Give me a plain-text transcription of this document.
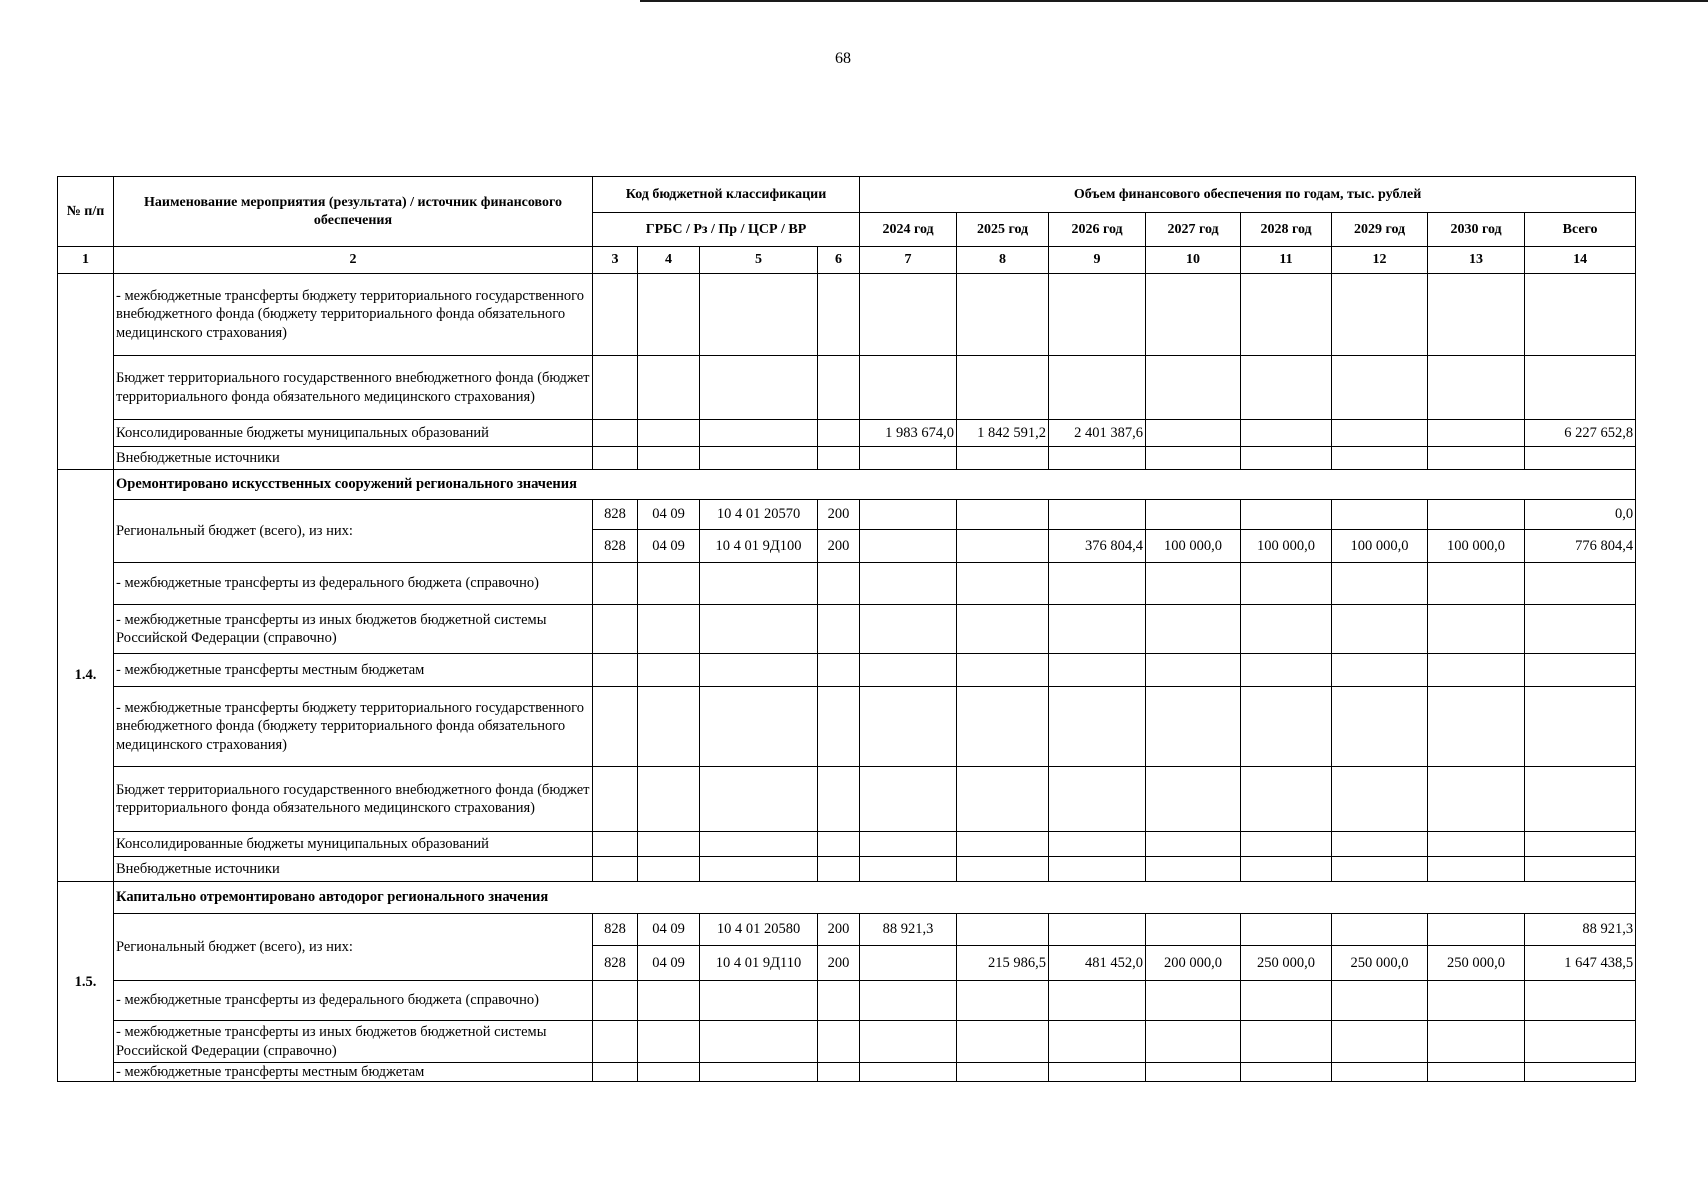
68
№ п/п	Наименование мероприятия (результата) / источник финансового обеспечения	Код бюджетной классификации				Объем финансового обеспечения по годам, тыс. рублей							
		ГРБС / Рз / Пр / ЦСР / ВР				2024 год	2025 год	2026 год	2027 год	2028 год	2029 год	2030 год	Всего
1	2	3	4	5	6	7	8	9	10	11	12	13	14
	- межбюджетные трансферты бюджету территориального государственного внебюджетного фонда (бюджету территориального фонда обязательного медицинского страхования)												
	Бюджет территориального государственного внебюджетного фонда (бюджет территориального фонда обязательного медицинского страхования)												
	Консолидированные бюджеты муниципальных образований					1 983 674,0	1 842 591,2	2 401 387,6					6 227 652,8
	Внебюджетные источники												
1.4.	Оремонтировано искусственных сооружений регионального значения												
	Региональный бюджет (всего), из них:	828	04 09	10 4 01 20570	200								0,0
		828	04 09	10 4 01 9Д100	200			376 804,4	100 000,0	100 000,0	100 000,0	100 000,0	776 804,4
	- межбюджетные трансферты из федерального бюджета (справочно)												
	- межбюджетные трансферты из иных бюджетов бюджетной системы Российской Федерации (справочно)												
	- межбюджетные трансферты местным бюджетам												
	- межбюджетные трансферты бюджету территориального государственного внебюджетного фонда (бюджету территориального фонда обязательного медицинского страхования)												
	Бюджет территориального государственного внебюджетного фонда (бюджет территориального фонда обязательного медицинского страхования)												
	Консолидированные бюджеты муниципальных образований												
	Внебюджетные источники												

1.5.	Капитально отремонтировано автодорог регионального значения												
	Региональный бюджет (всего), из них:	828	04 09	10 4 01 20580	200	88 921,3							88 921,3
		828	04 09	10 4 01 9Д110	200		215 986,5	481 452,0	200 000,0	250 000,0	250 000,0	250 000,0	1 647 438,5
	- межбюджетные трансферты из федерального бюджета (справочно)												
	- межбюджетные трансферты из иных бюджетов бюджетной системы Российской Федерации (справочно)												
	- межбюджетные трансферты местным бюджетам												
